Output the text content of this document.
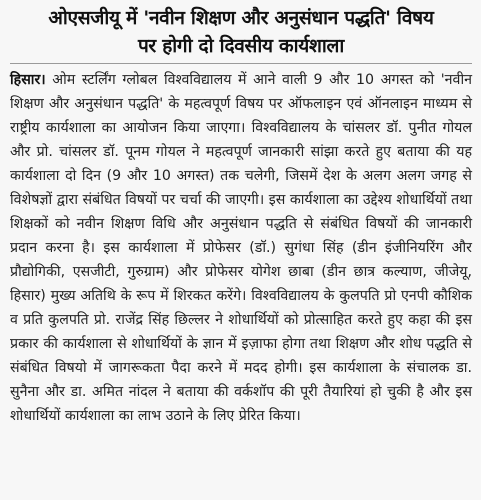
ओएसजीयू में 'नवीन शिक्षण और अनुसंधान पद्धति' विषय
पर होगी दो दिवसीय कार्यशाला

हिसार। ओम स्टर्लिंग ग्लोबल विश्वविद्यालय में आने वाली 9 और 10 अगस्त को 'नवीन शिक्षण और अनुसंधान पद्धति' के महत्वपूर्ण विषय पर ऑफलाइन एवं ऑनलाइन माध्यम से राष्ट्रीय कार्यशाला का आयोजन किया जाएगा। विश्वविद्यालय के चांसलर डॉ. पुनीत गोयल और प्रो. चांसलर डॉ. पूनम गोयल ने महत्वपूर्ण जानकारी सांझा करते हुए बताया की यह कार्यशाला दो दिन (9 और 10 अगस्त) तक चलेगी, जिसमें देश के अलग अलग जगह से विशेषज्ञों द्वारा संबंधित विषयों पर चर्चा की जाएगी। इस कार्यशाला का उद्देश्य शोधार्थियों तथा शिक्षकों को नवीन शिक्षण विधि और अनुसंधान पद्धति से संबंधित विषयों की जानकारी प्रदान करना है। इस कार्यशाला में प्रोफेसर (डॉ.) सुगंधा सिंह (डीन इंजीनियरिंग और प्रौद्योगिकी, एसजीटी, गुरुग्राम) और प्रोफेसर योगेश छाबा (डीन छात्र कल्याण, जीजेयू, हिसार) मुख्य अतिथि के रूप में शिरकत करेंगे। विश्वविद्यालय के कुलपति प्रो एनपी कौशिक व प्रति कुलपति प्रो. राजेंद्र सिंह छिल्लर ने शोधार्थियों को प्रोत्साहित करते हुए कहा की इस प्रकार की कार्यशाला से शोधार्थियों के ज्ञान में इज़ाफा होगा तथा शिक्षण और शोध पद्धति से संबंधित विषयो में जागरूकता पैदा करने में मदद होगी। इस कार्यशाला के संचालक डा. सुनैना और डा. अमित नांदल ने बताया की वर्कशॉप की पूरी तैयारियां हो चुकी है और इस शोधार्थियों कार्यशाला का लाभ उठाने के लिए प्रेरित किया।
